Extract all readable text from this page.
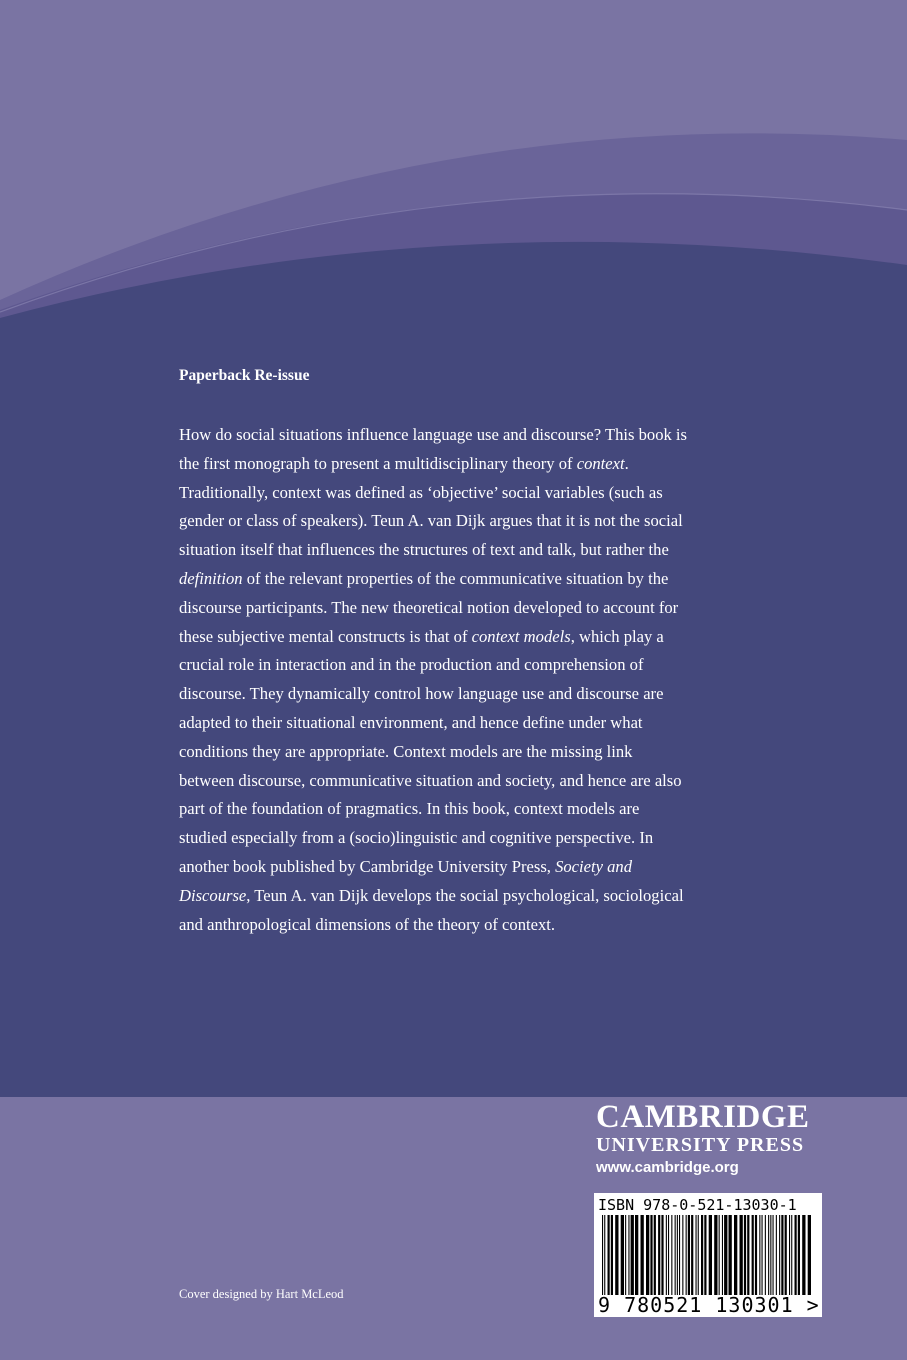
Paperback Re-issue
How do social situations influence language use and discourse? This book is
the first monograph to present a multidisciplinary theory of context.
Traditionally, context was defined as ‘objective’ social variables (such as
gender or class of speakers). Teun A. van Dijk argues that it is not the social
situation itself that influences the structures of text and talk, but rather the
definition of the relevant properties of the communicative situation by the
discourse participants. The new theoretical notion developed to account for
these subjective mental constructs is that of context models, which play a
crucial role in interaction and in the production and comprehension of
discourse. They dynamically control how language use and discourse are
adapted to their situational environment, and hence define under what
conditions they are appropriate. Context models are the missing link
between discourse, communicative situation and society, and hence are also
part of the foundation of pragmatics. In this book, context models are
studied especially from a (socio)linguistic and cognitive perspective. In
another book published by Cambridge University Press, Society and
Discourse, Teun A. van Dijk develops the social psychological, sociological
and anthropological dimensions of the theory of context.
Cover designed by Hart McLeod
CAMBRIDGE
UNIVERSITY PRESS
www.cambridge.org
ISBN 978-0-521-13030-1
9 780521 130301 >
